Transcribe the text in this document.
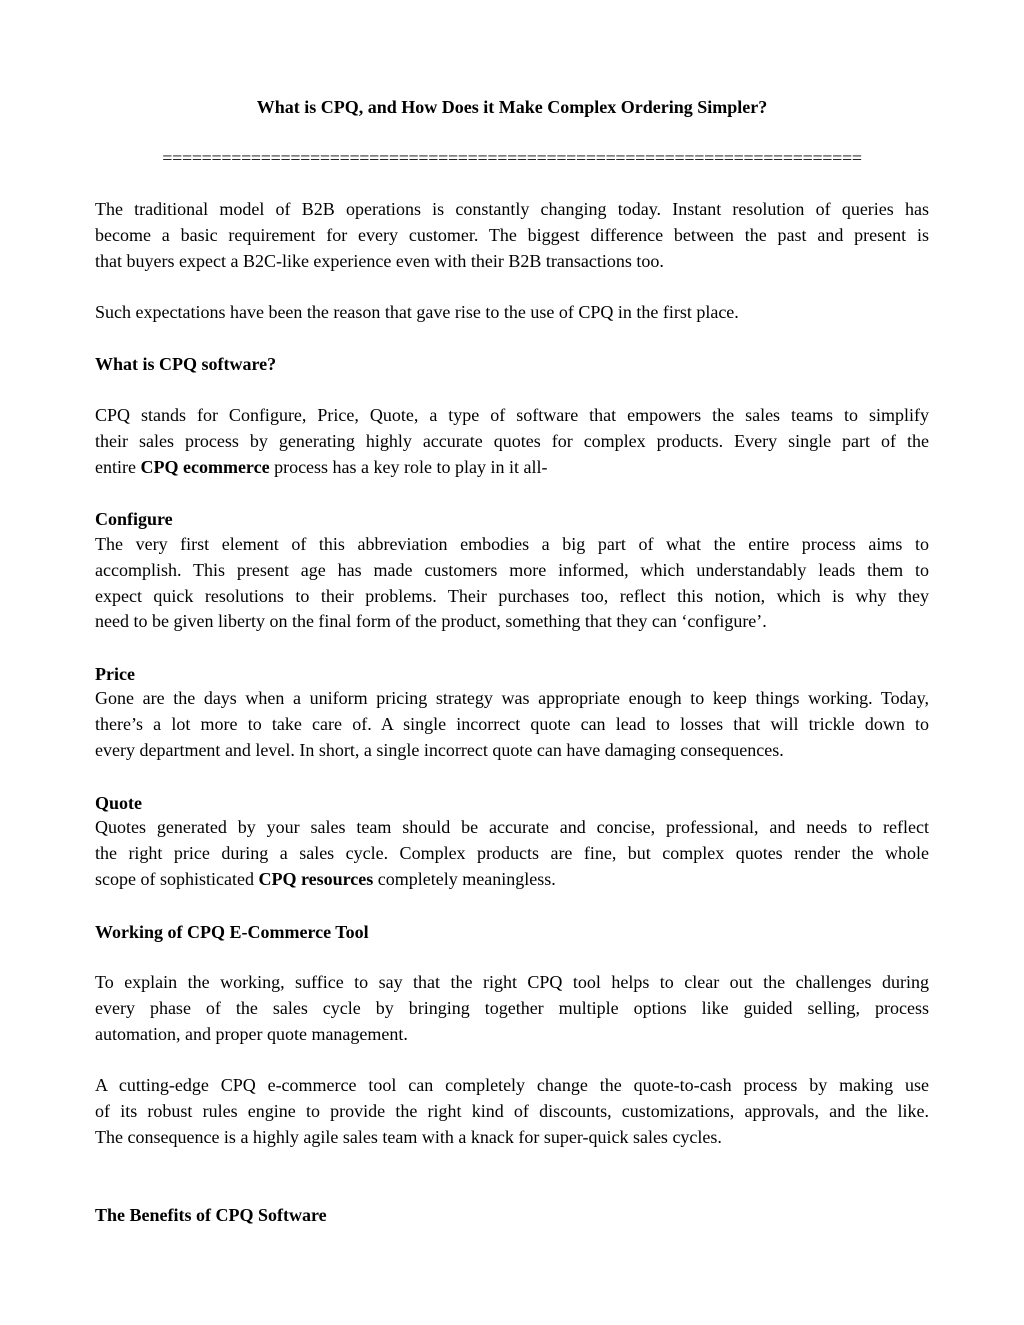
What is CPQ, and How Does it Make Complex Ordering Simpler?
=======================================================================
The traditional model of B2B operations is constantly changing today. Instant resolution of queries has
become a basic requirement for every customer. The biggest difference between the past and present is
that buyers expect a B2C-like experience even with their B2B transactions too.
Such expectations have been the reason that gave rise to the use of CPQ in the first place.
What is CPQ software?
CPQ stands for Configure, Price, Quote, a type of software that empowers the sales teams to simplify
their sales process by generating highly accurate quotes for complex products. Every single part of the
entire CPQ ecommerce process has a key role to play in it all-
Configure
The very first element of this abbreviation embodies a big part of what the entire process aims to
accomplish. This present age has made customers more informed, which understandably leads them to
expect quick resolutions to their problems. Their purchases too, reflect this notion, which is why they
need to be given liberty on the final form of the product, something that they can ‘configure’.
Price
Gone are the days when a uniform pricing strategy was appropriate enough to keep things working. Today,
there’s a lot more to take care of. A single incorrect quote can lead to losses that will trickle down to
every department and level. In short, a single incorrect quote can have damaging consequences.
Quote
Quotes generated by your sales team should be accurate and concise, professional, and needs to reflect
the right price during a sales cycle. Complex products are fine, but complex quotes render the whole
scope of sophisticated CPQ resources completely meaningless.
Working of CPQ E-Commerce Tool
To explain the working, suffice to say that the right CPQ tool helps to clear out the challenges during
every phase of the sales cycle by bringing together multiple options like guided selling, process
automation, and proper quote management.
A cutting-edge CPQ e-commerce tool can completely change the quote-to-cash process by making use
of its robust rules engine to provide the right kind of discounts, customizations, approvals, and the like.
The consequence is a highly agile sales team with a knack for super-quick sales cycles.
The Benefits of CPQ Software
